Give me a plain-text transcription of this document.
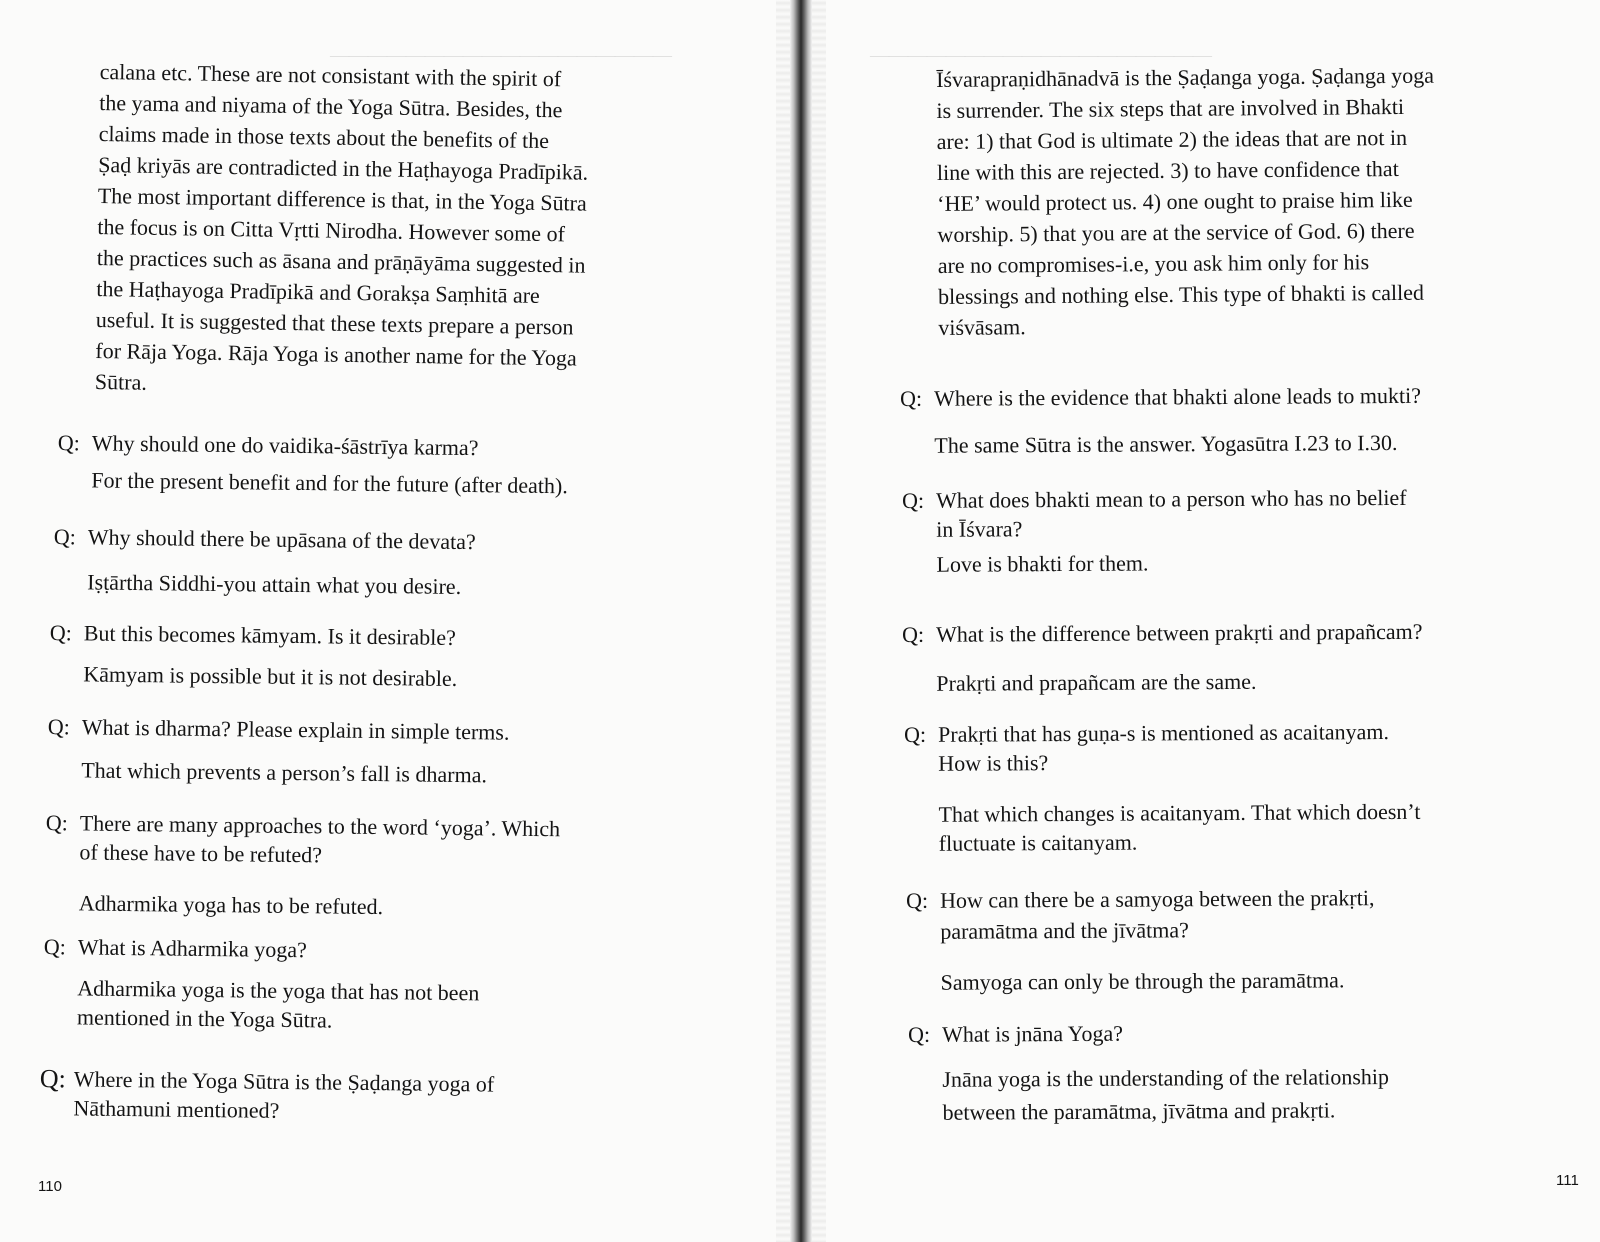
——————————————————	——————————————————
calana etc. These are not consistant with the spirit of
the yama and niyama of the Yoga Sūtra. Besides, the
claims made in those texts about the benefits of the
Ṣaḍ kriyās are contradicted in the Haṭhayoga Pradīpikā.
The most important difference is that, in the Yoga Sūtra
the focus is on Citta Vṛtti Nirodha. However some of
the practices such as āsana and prāṇāyāma suggested in
the Haṭhayoga Pradīpikā and Gorakṣa Saṃhitā are
useful. It is suggested that these texts prepare a person
for Rāja Yoga. Rāja Yoga is another name for the Yoga
Sūtra.
Q: Why should one do vaidika-śāstrīya karma?
For the present benefit and for the future (after death).
Q: Why should there be upāsana of the devata?
Iṣṭārtha Siddhi-you attain what you desire.
Q: But this becomes kāmyam. Is it desirable?
Kāmyam is possible but it is not desirable.
Q: What is dharma? Please explain in simple terms.
That which prevents a person’s fall is dharma.
Q: There are many approaches to the word ‘yoga’. Which
of these have to be refuted?
Adharmika yoga has to be refuted.
Q: What is Adharmika yoga?
Adharmika yoga is the yoga that has not been
mentioned in the Yoga Sūtra.
Q: Where in the Yoga Sūtra is the Ṣaḍanga yoga of
Nāthamuni mentioned?
110
Īśvarapraṇidhānadvā is the Ṣaḍanga yoga. Ṣaḍanga yoga
is surrender. The six steps that are involved in Bhakti
are: 1) that God is ultimate 2) the ideas that are not in
line with this are rejected. 3) to have confidence that
‘HE’ would protect us. 4) one ought to praise him like
worship. 5) that you are at the service of God. 6) there
are no compromises-i.e, you ask him only for his
blessings and nothing else. This type of bhakti is called
viśvāsam.
Q: Where is the evidence that bhakti alone leads to mukti?
The same Sūtra is the answer. Yogasūtra I.23 to I.30.
Q: What does bhakti mean to a person who has no belief
in Īśvara?
Love is bhakti for them.
Q: What is the difference between prakṛti and prapañcam?
Prakṛti and prapañcam are the same.
Q: Prakṛti that has guṇa-s is mentioned as acaitanyam.
How is this?
That which changes is acaitanyam. That which doesn’t
fluctuate is caitanyam.
Q: How can there be a samyoga between the prakṛti,
paramātma and the jīvātma?
Samyoga can only be through the paramātma.
Q: What is jnāna Yoga?
Jnāna yoga is the understanding of the relationship
between the paramātma, jīvātma and prakṛti.
111
